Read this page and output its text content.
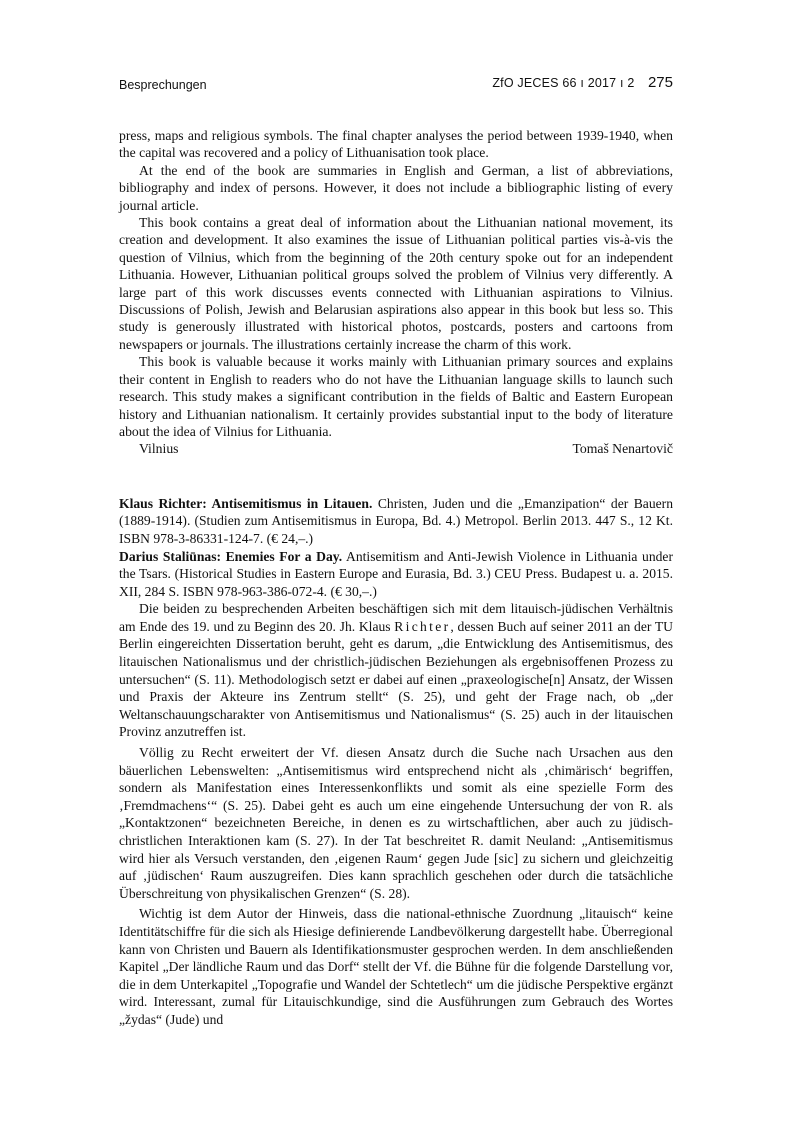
Besprechungen	ZfO JECES 66 ı 2017 ı 2 275

press, maps and religious symbols. The final chapter analyses the period between 1939-1940, when the capital was recovered and a policy of Lithuanisation took place.

At the end of the book are summaries in English and German, a list of abbreviations, bibliography and index of persons. However, it does not include a bibliographic listing of every journal article.

This book contains a great deal of information about the Lithuanian national movement, its creation and development. It also examines the issue of Lithuanian political parties vis-à-vis the question of Vilnius, which from the beginning of the 20th century spoke out for an independent Lithuania. However, Lithuanian political groups solved the problem of Vilnius very differently. A large part of this work discusses events connected with Lithuanian aspirations to Vilnius. Discussions of Polish, Jewish and Belarusian aspirations also appear in this book but less so. This study is generously illustrated with historical photos, postcards, posters and cartoons from newspapers or journals. The illustrations certainly increase the charm of this work.

This book is valuable because it works mainly with Lithuanian primary sources and explains their content in English to readers who do not have the Lithuanian language skills to launch such research. This study makes a significant contribution in the fields of Baltic and Eastern European history and Lithuanian nationalism. It certainly provides substantial input to the body of literature about the idea of Vilnius for Lithuania.

Vilnius	Tomaš Nenartovič

Klaus Richter: Antisemitismus in Litauen. Christen, Juden und die „Emanzipation“ der Bauern (1889-1914). (Studien zum Antisemitismus in Europa, Bd. 4.) Metropol. Berlin 2013. 447 S., 12 Kt. ISBN 978-3-86331-124-7. (€ 24,–.)

Darius Staliūnas: Enemies For a Day. Antisemitism and Anti-Jewish Violence in Lithuania under the Tsars. (Historical Studies in Eastern Europe and Eurasia, Bd. 3.) CEU Press. Budapest u. a. 2015. XII, 284 S. ISBN 978-963-386-072-4. (€ 30,–.)

Die beiden zu besprechenden Arbeiten beschäftigen sich mit dem litauisch-jüdischen Verhältnis am Ende des 19. und zu Beginn des 20. Jh. Klaus Richter, dessen Buch auf seiner 2011 an der TU Berlin eingereichten Dissertation beruht, geht es darum, „die Entwicklung des Antisemitismus, des litauischen Nationalismus und der christlich-jüdischen Beziehungen als ergebnisoffenen Prozess zu untersuchen“ (S. 11). Methodologisch setzt er dabei auf einen „praxeologische[n] Ansatz, der Wissen und Praxis der Akteure ins Zentrum stellt“ (S. 25), und geht der Frage nach, ob „der Weltanschauungscharakter von Antisemitismus und Nationalismus“ (S. 25) auch in der litauischen Provinz anzutreffen ist.

Völlig zu Recht erweitert der Vf. diesen Ansatz durch die Suche nach Ursachen aus den bäuerlichen Lebenswelten: „Antisemitismus wird entsprechend nicht als ‚chimärisch‘ begriffen, sondern als Manifestation eines Interessenkonflikts und somit als eine spezielle Form des ‚Fremdmachens‘“ (S. 25). Dabei geht es auch um eine eingehende Untersuchung der von R. als „Kontaktzonen“ bezeichneten Bereiche, in denen es zu wirtschaftlichen, aber auch zu jüdisch-christlichen Interaktionen kam (S. 27). In der Tat beschreitet R. damit Neuland: „Antisemitismus wird hier als Versuch verstanden, den ‚eigenen Raum‘ gegen Jude [sic] zu sichern und gleichzeitig auf ‚jüdischen‘ Raum auszugreifen. Dies kann sprachlich geschehen oder durch die tatsächliche Überschreitung von physikalischen Grenzen“ (S. 28).

Wichtig ist dem Autor der Hinweis, dass die national-ethnische Zuordnung „litauisch“ keine Identitätschiffre für die sich als Hiesige definierende Landbevölkerung dargestellt habe. Überregional kann von Christen und Bauern als Identifikationsmuster gesprochen werden. In dem anschließenden Kapitel „Der ländliche Raum und das Dorf“ stellt der Vf. die Bühne für die folgende Darstellung vor, die in dem Unterkapitel „Topografie und Wandel der Schtetlech“ um die jüdische Perspektive ergänzt wird. Interessant, zumal für Litauischkundige, sind die Ausführungen zum Gebrauch des Wortes „žydas“ (Jude) und
